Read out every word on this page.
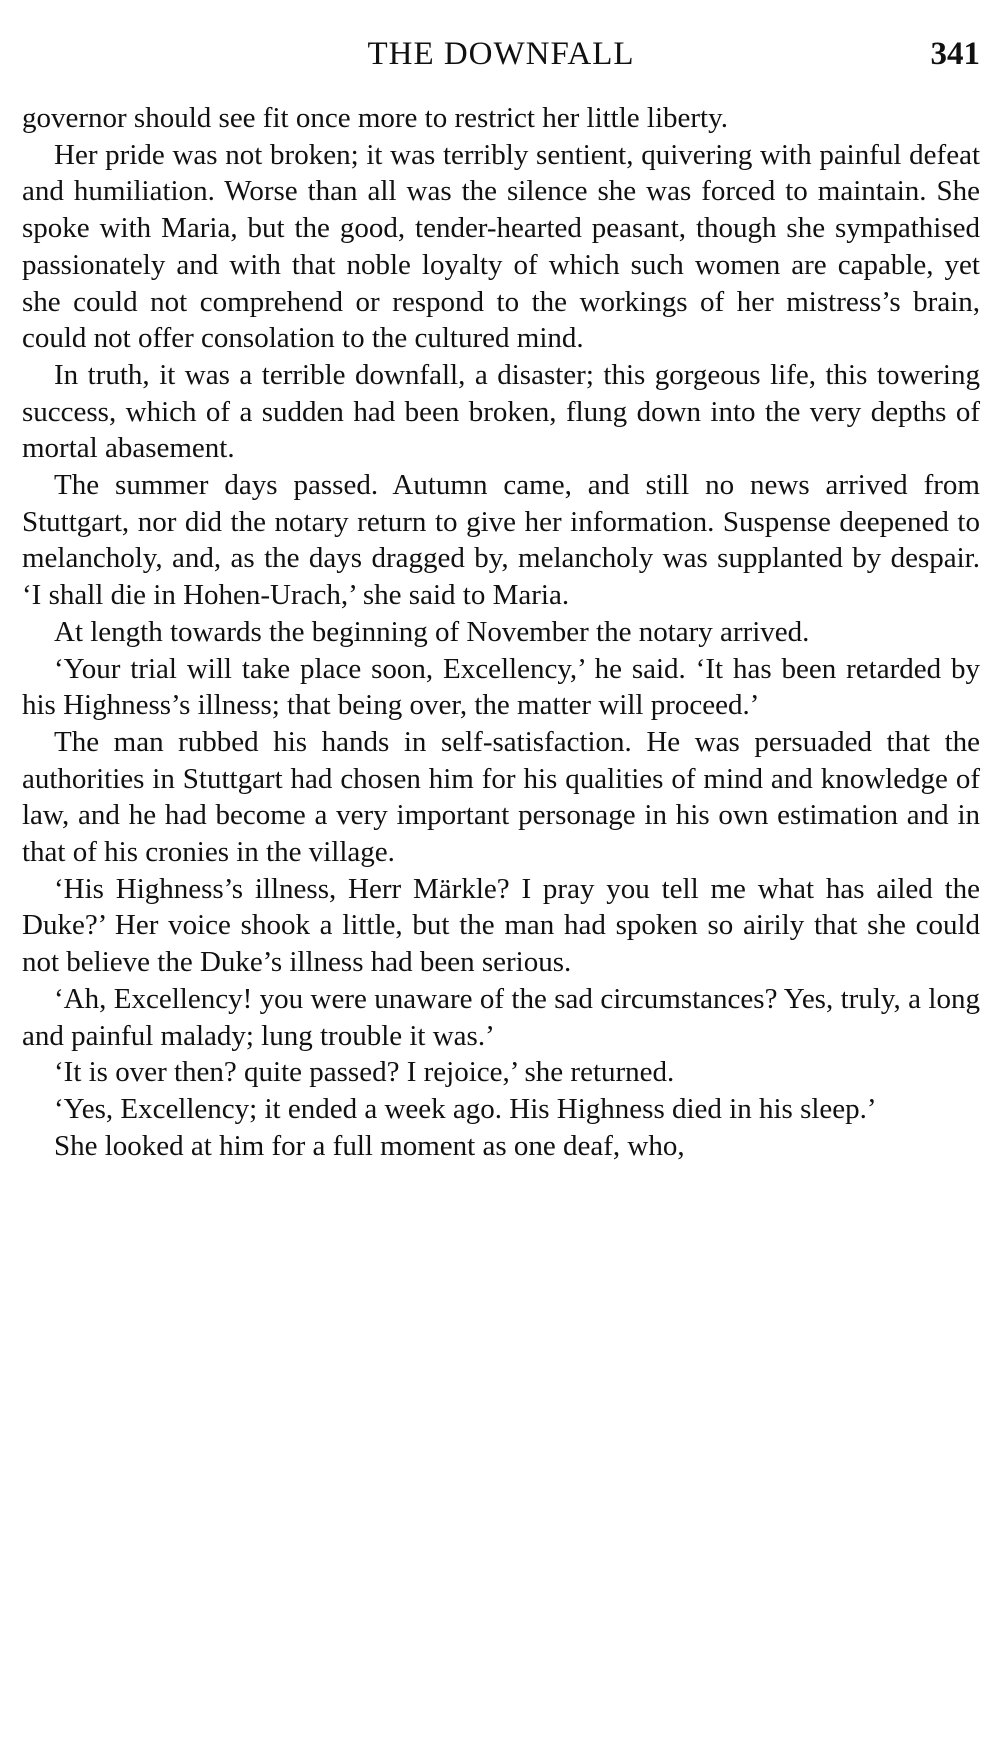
THE DOWNFALL	341

governor should see fit once more to restrict her little liberty.

Her pride was not broken; it was terribly sentient, quivering with painful defeat and humiliation. Worse than all was the silence she was forced to maintain. She spoke with Maria, but the good, tender-hearted peasant, though she sympathised passionately and with that noble loyalty of which such women are capable, yet she could not comprehend or respond to the workings of her mistress’s brain, could not offer consolation to the cultured mind.

In truth, it was a terrible downfall, a disaster; this gorgeous life, this towering success, which of a sudden had been broken, flung down into the very depths of mortal abasement.

The summer days passed. Autumn came, and still no news arrived from Stuttgart, nor did the notary return to give her information. Suspense deepened to melancholy, and, as the days dragged by, melancholy was supplanted by despair. ‘I shall die in Hohen-Urach,’ she said to Maria.

At length towards the beginning of November the notary arrived.

‘Your trial will take place soon, Excellency,’ he said. ‘It has been retarded by his Highness’s illness; that being over, the matter will proceed.’

The man rubbed his hands in self-satisfaction. He was persuaded that the authorities in Stuttgart had chosen him for his qualities of mind and knowledge of law, and he had become a very important personage in his own estimation and in that of his cronies in the village.

‘His Highness’s illness, Herr Märkle? I pray you tell me what has ailed the Duke?’ Her voice shook a little, but the man had spoken so airily that she could not believe the Duke’s illness had been serious.

‘Ah, Excellency! you were unaware of the sad circumstances? Yes, truly, a long and painful malady; lung trouble it was.’

‘It is over then? quite passed? I rejoice,’ she returned.

‘Yes, Excellency; it ended a week ago. His Highness died in his sleep.’

She looked at him for a full moment as one deaf, who,
